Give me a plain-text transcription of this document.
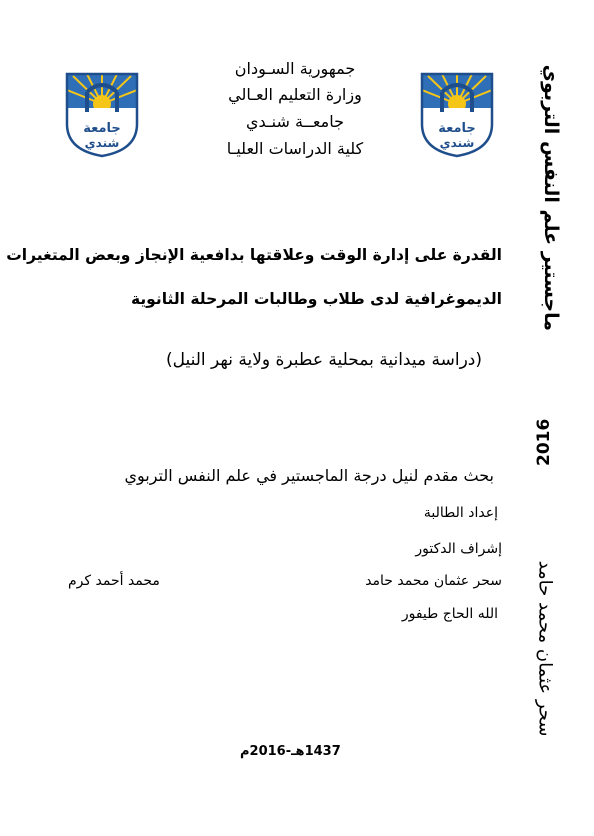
جمهورية السـودان
وزارة التعليم العـالي
جامعــة شنـدي
كلية الدراسات العليـا
جامعة
شندي
جامعة
شندي
القدرة على إدارة الوقت وعلاقتها بدافعية الإنجاز وبعض المتغيرات
الديموغرافية لدى طلاب وطالبات المرحلة الثانوية
(دراسة ميدانية بمحلية عطبرة ولاية نهر النيل)
بحث مقدم لنيل درجة الماجستير في علم النفس التربوي
إعداد الطالبة
إشراف الدكتور
سحر عثمان محمد حامد
محمد أحمد كرم
الله الحاج طيفور
1437هـ-2016م
ماجستير علم النفس التربوي
2016
سحر عثمان محمد حامد
